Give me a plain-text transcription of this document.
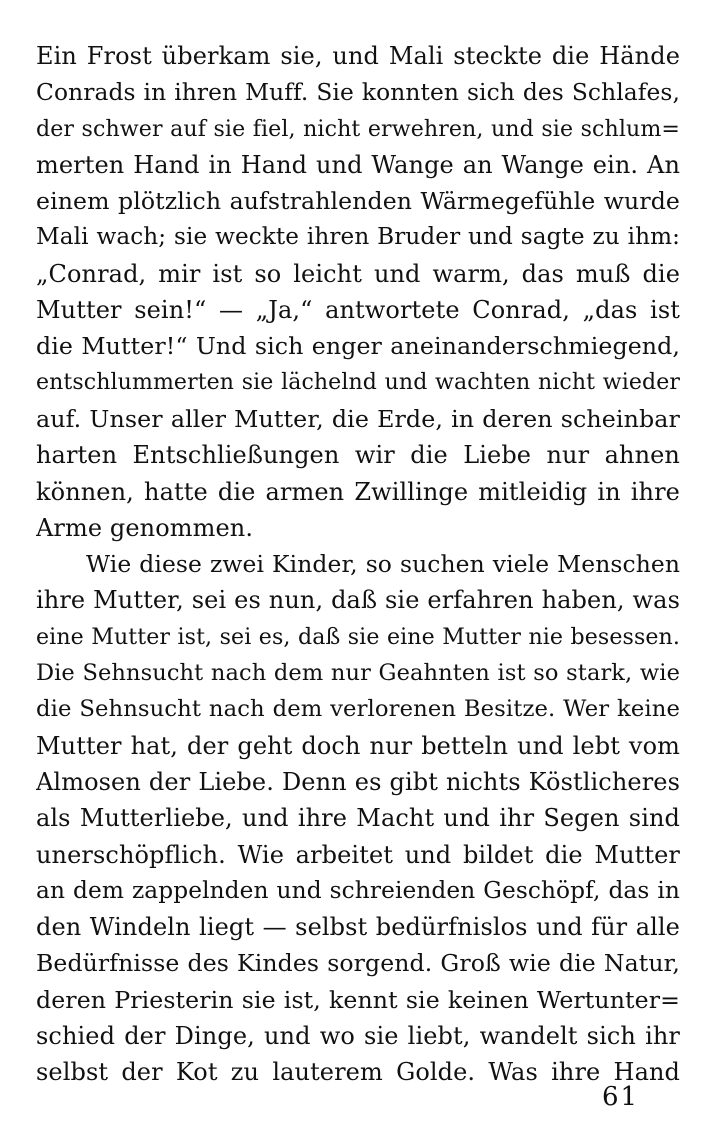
Ein Frost überkam sie, und Mali steckte die Hände
Conrads in ihren Muff. Sie konnten sich des Schlafes,
der schwer auf sie fiel, nicht erwehren, und sie schlum=
merten Hand in Hand und Wange an Wange ein. An
einem plötzlich aufstrahlenden Wärmegefühle wurde
Mali wach; sie weckte ihren Bruder und sagte zu ihm:
„Conrad, mir ist so leicht und warm, das muß die
Mutter sein!“ — „Ja,“ antwortete Conrad, „das ist
die Mutter!“ Und sich enger aneinanderschmiegend,
entschlummerten sie lächelnd und wachten nicht wieder
auf. Unser aller Mutter, die Erde, in deren scheinbar
harten Entschließungen wir die Liebe nur ahnen
können, hatte die armen Zwillinge mitleidig in ihre
Arme genommen.
Wie diese zwei Kinder, so suchen viele Menschen
ihre Mutter, sei es nun, daß sie erfahren haben, was
eine Mutter ist, sei es, daß sie eine Mutter nie besessen.
Die Sehnsucht nach dem nur Geahnten ist so stark, wie
die Sehnsucht nach dem verlorenen Besitze. Wer keine
Mutter hat, der geht doch nur betteln und lebt vom
Almosen der Liebe. Denn es gibt nichts Köstlicheres
als Mutterliebe, und ihre Macht und ihr Segen sind
unerschöpflich. Wie arbeitet und bildet die Mutter
an dem zappelnden und schreienden Geschöpf, das in
den Windeln liegt — selbst bedürfnislos und für alle
Bedürfnisse des Kindes sorgend. Groß wie die Natur,
deren Priesterin sie ist, kennt sie keinen Wertunter=
schied der Dinge, und wo sie liebt, wandelt sich ihr
selbst der Kot zu lauterem Golde. Was ihre Hand
61
